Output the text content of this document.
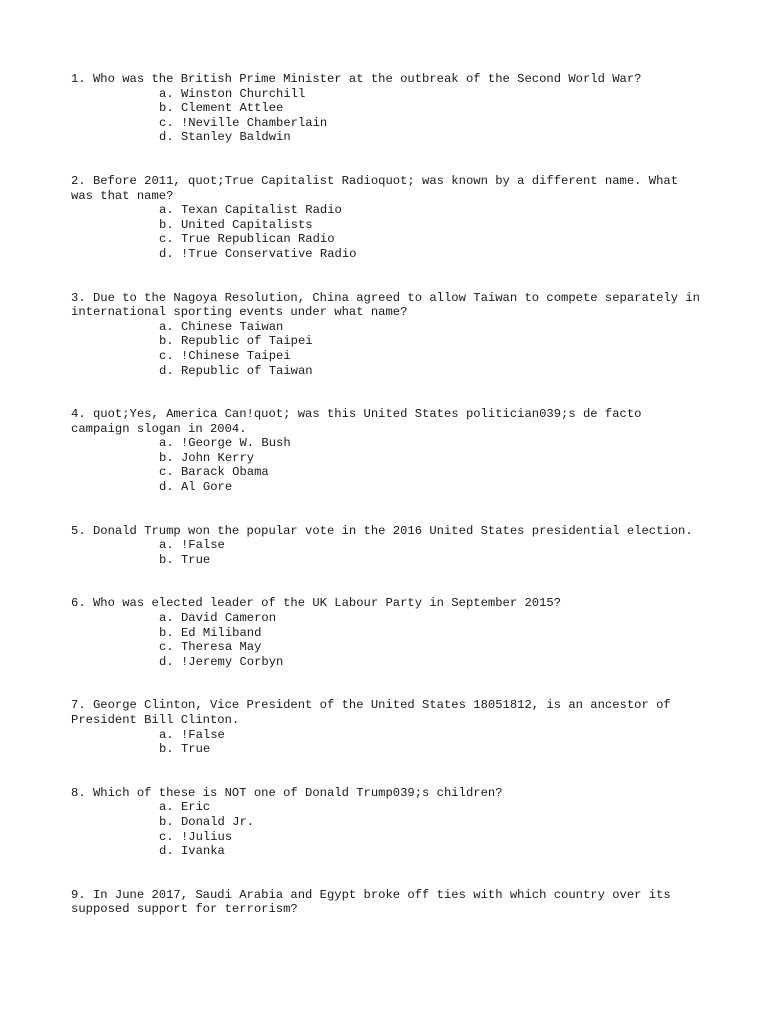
1. Who was the British Prime Minister at the outbreak of the Second World War?

a. Winston Churchill
b. Clement Attlee
c. !Neville Chamberlain
d. Stanley Baldwin

2. Before 2011, quot;True Capitalist Radioquot; was known by a different name. What was that name?

a. Texan Capitalist Radio
b. United Capitalists
c. True Republican Radio
d. !True Conservative Radio

3. Due to the Nagoya Resolution, China agreed to allow Taiwan to compete separately in international sporting events under what name?

a. Chinese Taiwan
b. Republic of Taipei
c. !Chinese Taipei
d. Republic of Taiwan

4. quot;Yes, America Can!quot; was this United States politician039;s de facto campaign slogan in 2004.

a. !George W. Bush
b. John Kerry
c. Barack Obama
d. Al Gore

5. Donald Trump won the popular vote in the 2016 United States presidential election.

a. !False
b. True

6. Who was elected leader of the UK Labour Party in September 2015?

a. David Cameron
b. Ed Miliband
c. Theresa May
d. !Jeremy Corbyn

7. George Clinton, Vice President of the United States 18051812, is an ancestor of President Bill Clinton.

a. !False
b. True

8. Which of these is NOT one of Donald Trump039;s children?

a. Eric
b. Donald Jr.
c. !Julius
d. Ivanka

9. In June 2017, Saudi Arabia and Egypt broke off ties with which country over its supposed support for terrorism?
